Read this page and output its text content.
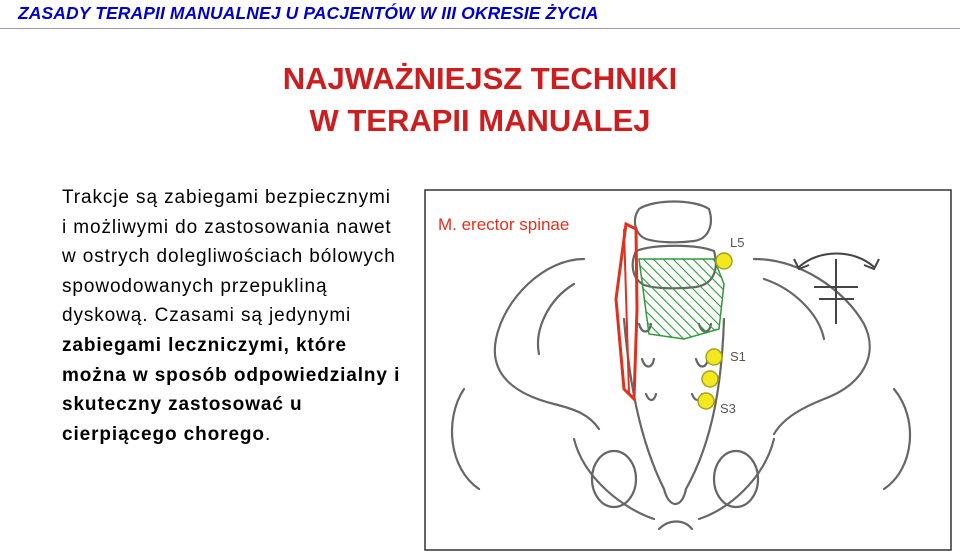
ZASADY TERAPII MANUALNEJ U PACJENTÓW W III OKRESIE ŻYCIA
NAJWAŻNIEJSZ TECHNIKI
W TERAPII MANUALEJ
Trakcje są zabiegami bezpiecznymi i możliwymi do zastosowania nawet w ostrych dolegliwościach bólowych spowodowanych przepukliną dyskową. Czasami są jedynymi zabiegami leczniczymi, które można w sposób odpowiedzialny i skuteczny zastosować u cierpiącego chorego.
M. erector spinae
L5
S1
S3
